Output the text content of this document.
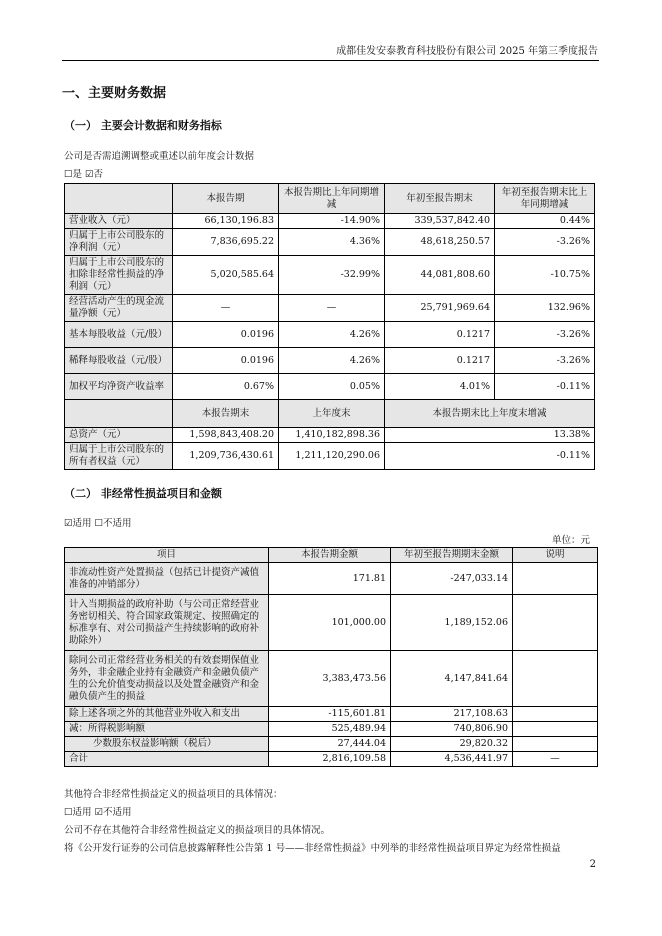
成都佳发安泰教育科技股份有限公司 2025 年第三季度报告
一、主要财务数据
（一） 主要会计数据和财务指标
公司是否需追溯调整或重述以前年度会计数据
☐是 ☑否
	本报告期	本报告期比上年同期增减	年初至报告期末	年初至报告期末比上年同期增减
营业收入（元）	66,130,196.83	-14.90%	339,537,842.40	0.44%
归属于上市公司股东的净利润（元）	7,836,695.22	4.36%	48,618,250.57	-3.26%
归属于上市公司股东的扣除非经常性损益的净利润（元）	5,020,585.64	-32.99%	44,081,808.60	-10.75%
经营活动产生的现金流量净额（元）	—	—	25,791,969.64	132.96%
基本每股收益（元/股）	0.0196	4.26%	0.1217	-3.26%
稀释每股收益（元/股）	0.0196	4.26%	0.1217	-3.26%
加权平均净资产收益率	0.67%	0.05%	4.01%	-0.11%
	本报告期末	上年度末	本报告期末比上年度末增减	
总资产（元）	1,598,843,408.20	1,410,182,898.36	13.38%	
归属于上市公司股东的所有者权益（元）	1,209,736,430.61	1,211,120,290.06	-0.11%	
（二） 非经常性损益项目和金额
☑适用 ☐不适用
单位：元
项目	本报告期金额	年初至报告期期末金额	说明
非流动性资产处置损益（包括已计提资产减值准备的冲销部分）	171.81	-247,033.14	
计入当期损益的政府补助（与公司正常经营业务密切相关、符合国家政策规定、按照确定的标准享有、对公司损益产生持续影响的政府补助除外）	101,000.00	1,189,152.06	
除同公司正常经营业务相关的有效套期保值业务外，非金融企业持有金融资产和金融负债产生的公允价值变动损益以及处置金融资产和金融负债产生的损益	3,383,473.56	4,147,841.64	
除上述各项之外的其他营业外收入和支出	-115,601.81	217,108.63	
减：所得税影响额	525,489.94	740,806.90	
少数股东权益影响额（税后）	27,444.04	29,820.32	
合计	2,816,109.58	4,536,441.97	—
其他符合非经常性损益定义的损益项目的具体情况：
☐适用 ☑不适用
公司不存在其他符合非经常性损益定义的损益项目的具体情况。
将《公开发行证券的公司信息披露解释性公告第 1 号——非经常性损益》中列举的非经常性损益项目界定为经常性损益
2
